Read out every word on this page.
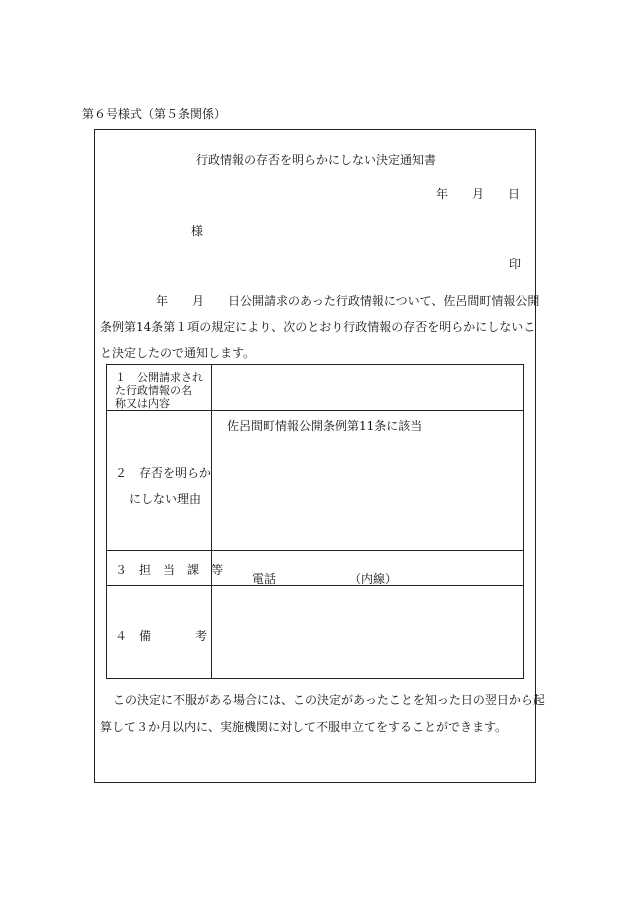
第６号様式（第５条関係）
行政情報の存否を明らかにしない決定通知書
年　　月　　日
様
印
年　　月　　日公開請求のあった行政情報について、佐呂間町情報公開
条例第14条第１項の規定により、次のとおり行政情報の存否を明らかにしないこ
と決定したので通知します。
１　公開請求され
た行政情報の名
称又は内容
２　存否を明らか
にしない理由
佐呂間町情報公開条例第11条に該当
３　担　当　課　等
電話	（内線）
４　備	考
この決定に不服がある場合には、この決定があったことを知った日の翌日から起
算して３か月以内に、実施機関に対して不服申立てをすることができます。
